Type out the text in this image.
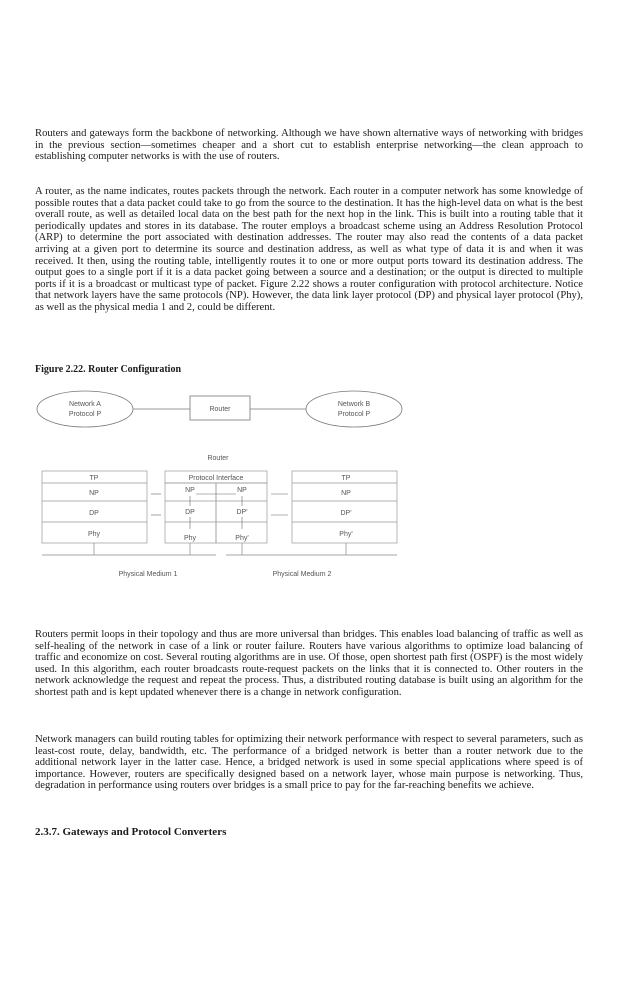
Routers and gateways form the backbone of networking. Although we have shown alternative ways of networking with bridges in the previous section—sometimes cheaper and a short cut to establish enterprise networking—the clean approach to establishing computer networks is with the use of routers.

A router, as the name indicates, routes packets through the network. Each router in a computer network has some knowledge of possible routes that a data packet could take to go from the source to the destination. It has the high-level data on what is the best overall route, as well as detailed local data on the best path for the next hop in the link. This is built into a routing table that it periodically updates and stores in its database. The router employs a broadcast scheme using an Address Resolution Protocol (ARP) to determine the port associated with destination addresses. The router may also read the contents of a data packet arriving at a given port to determine its source and destination address, as well as what type of data it is and when it was received. It then, using the routing table, intelligently routes it to one or more output ports toward its destination address. The output goes to a single port if it is a data packet going between a source and a destination; or the output is directed to multiple ports if it is a broadcast or multicast type of packet. Figure 2.22 shows a router configuration with protocol architecture. Notice that network layers have the same protocols (NP). However, the data link layer protocol (DP) and physical layer protocol (Phy), as well as the physical media 1 and 2, could be different.

Figure 2.22. Router Configuration
Network A
Protocol P
Router
Network B
Protocol P
Router
Protocol Interface
TP
NP
DP
Phy
NP
DP
Phy
NP
DP'
Phy'
TP
NP
DP'
Phy'
Physical Medium 1	Physical Medium 2

Routers permit loops in their topology and thus are more universal than bridges. This enables load balancing of traffic as well as self-healing of the network in case of a link or router failure. Routers have various algorithms to optimize load balancing of traffic and economize on cost. Several routing algorithms are in use. Of those, open shortest path first (OSPF) is the most widely used. In this algorithm, each router broadcasts route-request packets on the links that it is connected to. Other routers in the network acknowledge the request and repeat the process. Thus, a distributed routing database is built using an algorithm for the shortest path and is kept updated whenever there is a change in network configuration.

Network managers can build routing tables for optimizing their network performance with respect to several parameters, such as least-cost route, delay, bandwidth, etc. The performance of a bridged network is better than a router network due to the additional network layer in the latter case. Hence, a bridged network is used in some special applications where speed is of importance. However, routers are specifically designed based on a network layer, whose main purpose is networking. Thus, degradation in performance using routers over bridges is a small price to pay for the far-reaching benefits we achieve.

2.3.7. Gateways and Protocol Converters
